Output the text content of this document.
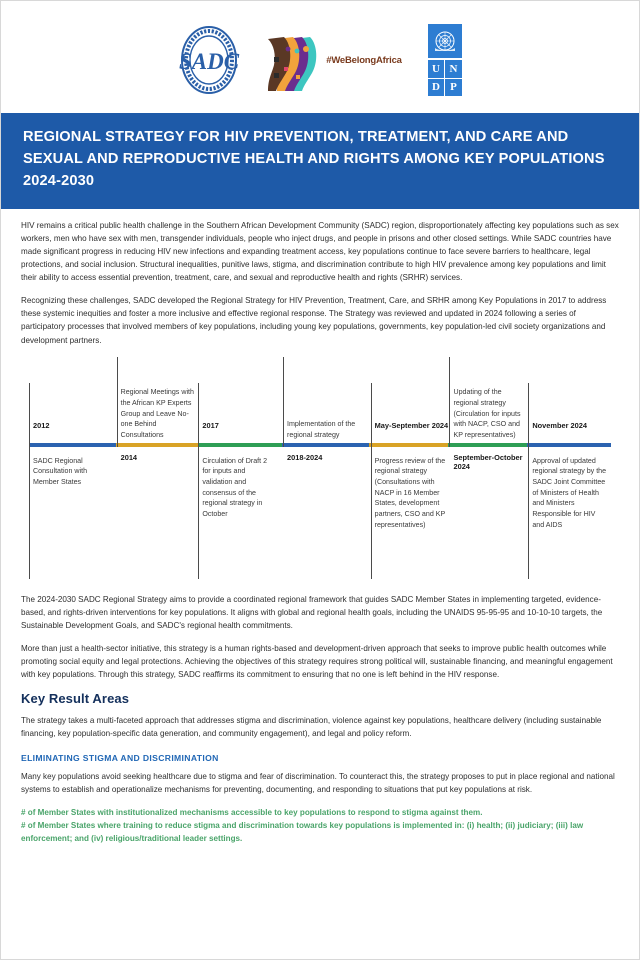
SADC	#WeBelongAfrica
U N
D P
REGIONAL STRATEGY FOR HIV PREVENTION, TREATMENT, AND CARE AND SEXUAL AND REPRODUCTIVE HEALTH AND RIGHTS AMONG KEY POPULATIONS 2024-2030

HIV remains a critical public health challenge in the Southern African Development Community (SADC) region, disproportionately affecting key populations such as sex workers, men who have sex with men, transgender individuals, people who inject drugs, and people in prisons and other closed settings. While SADC countries have made significant progress in reducing HIV new infections and expanding treatment access, key populations continue to face severe barriers to healthcare, legal protections, and social inclusion. Structural inequalities, punitive laws, stigma, and discrimination contribute to high HIV prevalence among key populations and limit their ability to access essential prevention, treatment, care, and sexual and reproductive health and rights (SRHR) services.

Recognizing these challenges, SADC developed the Regional Strategy for HIV Prevention, Treatment, Care, and SRHR among Key Populations in 2017 to address these systemic inequities and foster a more inclusive and effective regional response. The Strategy was reviewed and updated in 2024 following a series of participatory processes that involved members of key populations, including young key populations, governments, key population-led civil society organizations and development partners.

2012
SADC Regional Consultation with Member States
2014
Regional Meetings with the African KP Experts Group and Leave No-one Behind Consultations
2017
Circulation of Draft 2 for inputs and validation and consensus of the regional strategy in October
2018-2024
Implementation of the regional strategy
May-September 2024
Progress review of the regional strategy (Consultations with NACP in 16 Member States, development partners, CSO and KP representatives)
September-October 2024
Updating of the regional strategy (Circulation for inputs with NACP, CSO and KP representatives)
November 2024
Approval of updated regional strategy by the SADC Joint Committee of Ministers of Health and Ministers Responsible for HIV and AIDS

The 2024-2030 SADC Regional Strategy aims to provide a coordinated regional framework that guides SADC Member States in implementing targeted, evidence-based, and rights-driven interventions for key populations. It aligns with global and regional health goals, including the UNAIDS 95-95-95 and 10-10-10 targets, the Sustainable Development Goals, and SADC's regional health commitments.

More than just a health-sector initiative, this strategy is a human rights-based and development-driven approach that seeks to improve public health outcomes while promoting social equity and legal protections. Achieving the objectives of this strategy requires strong political will, sustainable financing, and meaningful engagement with key populations. Through this strategy, SADC reaffirms its commitment to ensuring that no one is left behind in the HIV response.

Key Result Areas

The strategy takes a multi-faceted approach that addresses stigma and discrimination, violence against key populations, healthcare delivery (including sustainable financing, key population-specific data generation, and community engagement), and legal and policy reform.

ELIMINATING STIGMA AND DISCRIMINATION

Many key populations avoid seeking healthcare due to stigma and fear of discrimination. To counteract this, the strategy proposes to put in place regional and national systems to establish and operationalize mechanisms for preventing, documenting, and responding to situations that put key populations at risk.

# of Member States with institutionalized mechanisms accessible to key populations to respond to stigma against them.

# of Member States where training to reduce stigma and discrimination towards key populations is implemented in: (i) health; (ii) judiciary; (iii) law enforcement; and (iv) religious/traditional leader settings.
